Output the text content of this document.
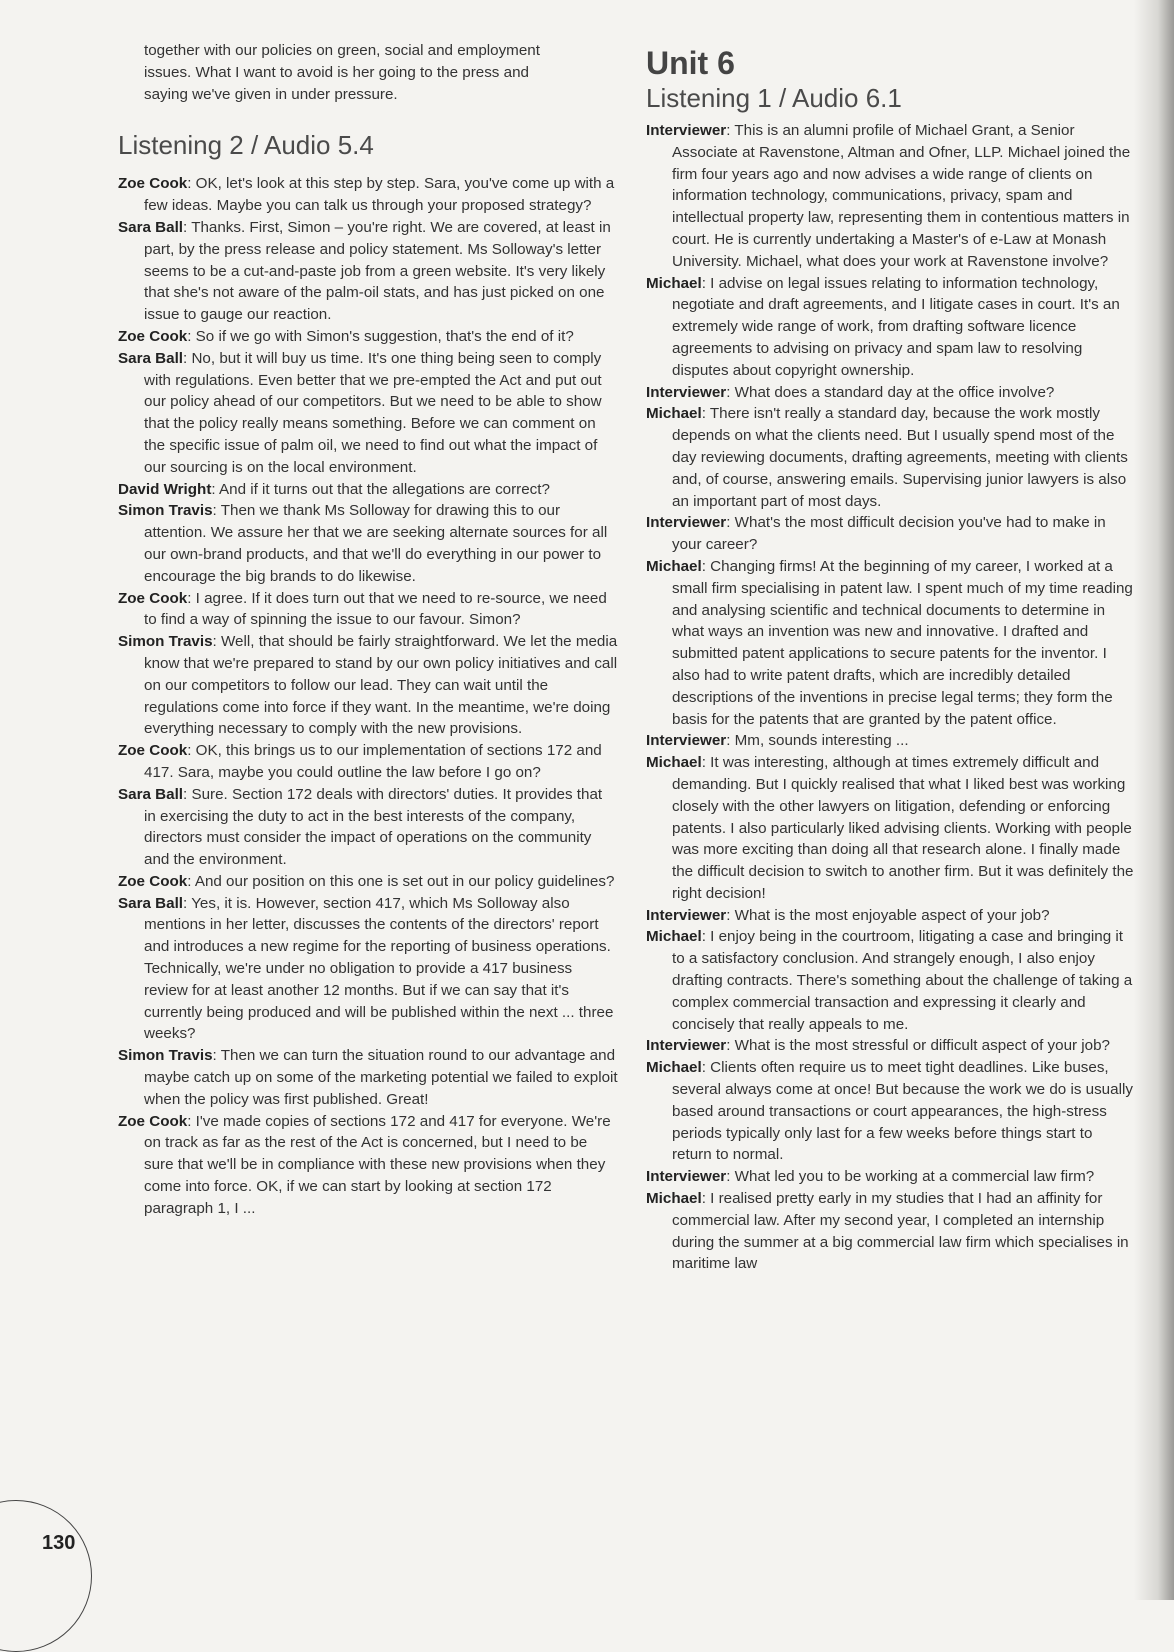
together with our policies on green, social and employment

issues. What I want to avoid is her going to the press and

saying we've given in under pressure.

Listening 2 / Audio 5.4

Zoe Cook: OK, let's look at this step by step. Sara, you've come up with a few ideas. Maybe you can talk us through your proposed strategy?

Sara Ball: Thanks. First, Simon – you're right. We are covered, at least in part, by the press release and policy statement. Ms Solloway's letter seems to be a cut-and-paste job from a green website. It's very likely that she's not aware of the palm-oil stats, and has just picked on one issue to gauge our reaction.

Zoe Cook: So if we go with Simon's suggestion, that's the end of it?

Sara Ball: No, but it will buy us time. It's one thing being seen to comply with regulations. Even better that we pre-empted the Act and put out our policy ahead of our competitors. But we need to be able to show that the policy really means something. Before we can comment on the specific issue of palm oil, we need to find out what the impact of our sourcing is on the local environment.

David Wright: And if it turns out that the allegations are correct?

Simon Travis: Then we thank Ms Solloway for drawing this to our attention. We assure her that we are seeking alternate sources for all our own-brand products, and that we'll do everything in our power to encourage the big brands to do likewise.

Zoe Cook: I agree. If it does turn out that we need to re-source, we need to find a way of spinning the issue to our favour. Simon?

Simon Travis: Well, that should be fairly straightforward. We let the media know that we're prepared to stand by our own policy initiatives and call on our competitors to follow our lead. They can wait until the regulations come into force if they want. In the meantime, we're doing everything necessary to comply with the new provisions.

Zoe Cook: OK, this brings us to our implementation of sections 172 and 417. Sara, maybe you could outline the law before I go on?

Sara Ball: Sure. Section 172 deals with directors' duties. It provides that in exercising the duty to act in the best interests of the company, directors must consider the impact of operations on the community and the environment.

Zoe Cook: And our position on this one is set out in our policy guidelines?

Sara Ball: Yes, it is. However, section 417, which Ms Solloway also mentions in her letter, discusses the contents of the directors' report and introduces a new regime for the reporting of business operations. Technically, we're under no obligation to provide a 417 business review for at least another 12 months. But if we can say that it's currently being produced and will be published within the next ... three weeks?

Simon Travis: Then we can turn the situation round to our advantage and maybe catch up on some of the marketing potential we failed to exploit when the policy was first published. Great!

Zoe Cook: I've made copies of sections 172 and 417 for everyone. We're on track as far as the rest of the Act is concerned, but I need to be sure that we'll be in compliance with these new provisions when they come into force. OK, if we can start by looking at section 172 paragraph 1, I ...

Unit 6
Listening 1 / Audio 6.1

Interviewer: This is an alumni profile of Michael Grant, a Senior Associate at Ravenstone, Altman and Ofner, LLP. Michael joined the firm four years ago and now advises a wide range of clients on information technology, communications, privacy, spam and intellectual property law, representing them in contentious matters in court. He is currently undertaking a Master's of e-Law at Monash University. Michael, what does your work at Ravenstone involve?

Michael: I advise on legal issues relating to information technology, negotiate and draft agreements, and I litigate cases in court. It's an extremely wide range of work, from drafting software licence agreements to advising on privacy and spam law to resolving disputes about copyright ownership.

Interviewer: What does a standard day at the office involve?

Michael: There isn't really a standard day, because the work mostly depends on what the clients need. But I usually spend most of the day reviewing documents, drafting agreements, meeting with clients and, of course, answering emails. Supervising junior lawyers is also an important part of most days.

Interviewer: What's the most difficult decision you've had to make in your career?

Michael: Changing firms! At the beginning of my career, I worked at a small firm specialising in patent law. I spent much of my time reading and analysing scientific and technical documents to determine in what ways an invention was new and innovative. I drafted and submitted patent applications to secure patents for the inventor. I also had to write patent drafts, which are incredibly detailed descriptions of the inventions in precise legal terms; they form the basis for the patents that are granted by the patent office.

Interviewer: Mm, sounds interesting ...

Michael: It was interesting, although at times extremely difficult and demanding. But I quickly realised that what I liked best was working closely with the other lawyers on litigation, defending or enforcing patents. I also particularly liked advising clients. Working with people was more exciting than doing all that research alone. I finally made the difficult decision to switch to another firm. But it was definitely the right decision!

Interviewer: What is the most enjoyable aspect of your job?

Michael: I enjoy being in the courtroom, litigating a case and bringing it to a satisfactory conclusion. And strangely enough, I also enjoy drafting contracts. There's something about the challenge of taking a complex commercial transaction and expressing it clearly and concisely that really appeals to me.

Interviewer: What is the most stressful or difficult aspect of your job?

Michael: Clients often require us to meet tight deadlines. Like buses, several always come at once! But because the work we do is usually based around transactions or court appearances, the high-stress periods typically only last for a few weeks before things start to return to normal.

Interviewer: What led you to be working at a commercial law firm?

Michael: I realised pretty early in my studies that I had an affinity for commercial law. After my second year, I completed an internship during the summer at a big commercial law firm which specialises in maritime law

130
